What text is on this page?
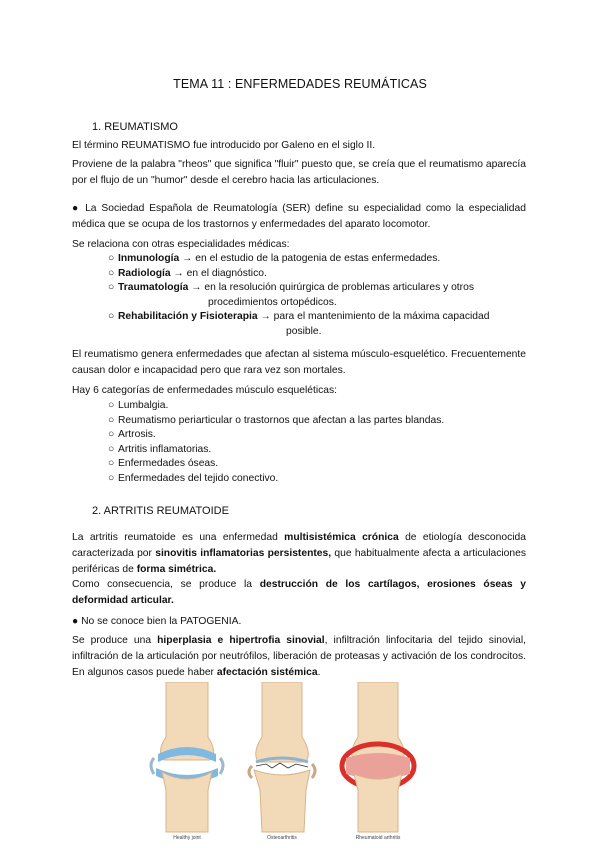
TEMA 11 : ENFERMEDADES REUMÁTICAS
1. REUMATISMO

El término REUMATISMO fue introducido por Galeno en el siglo II.

Proviene de la palabra "rheos" que significa "fluir" puesto que, se creía que el reumatismo aparecía por el flujo de un "humor" desde el cerebro hacia las articulaciones.

● La Sociedad Española de Reumatología (SER) define su especialidad como la especialidad médica que se ocupa de los trastornos y enfermedades del aparato locomotor.

Se relaciona con otras especialidades médicas:

○ Inmunología → en el estudio de la patogenia de estas enfermedades.
○ Radiología → en el diagnóstico.
○ Traumatología → en la resolución quirúrgica de problemas articulares y otros
procedimientos ortopédicos.
○ Rehabilitación y Fisioterapia → para el mantenimiento de la máxima capacidad
posible.

El reumatismo genera enfermedades que afectan al sistema músculo-esquelético. Frecuentemente causan dolor e incapacidad pero que rara vez son mortales.

Hay 6 categorías de enfermedades músculo esqueléticas:

○ Lumbalgia.
○ Reumatismo periarticular o trastornos que afectan a las partes blandas.
○ Artrosis.
○ Artritis inflamatorias.
○ Enfermedades óseas.
○ Enfermedades del tejido conectivo.
2. ARTRITIS REUMATOIDE

La artritis reumatoide es una enfermedad multisistémica crónica de etiología desconocida caracterizada por sinovitis inflamatorias persistentes, que habitualmente afecta a articulaciones periféricas de forma simétrica.

Como consecuencia, se produce la destrucción de los cartílagos, erosiones óseas y deformidad articular.

● No se conoce bien la PATOGENIA.

Se produce una hiperplasia e hipertrofia sinovial, infiltración linfocitaria del tejido sinovial, infiltración de la articulación por neutrófilos, liberación de proteasas y activación de los condrocitos. En algunos casos puede haber afectación sistémica.

Healthy joint	Osteoarthritis	Rheumatoid arthritis
